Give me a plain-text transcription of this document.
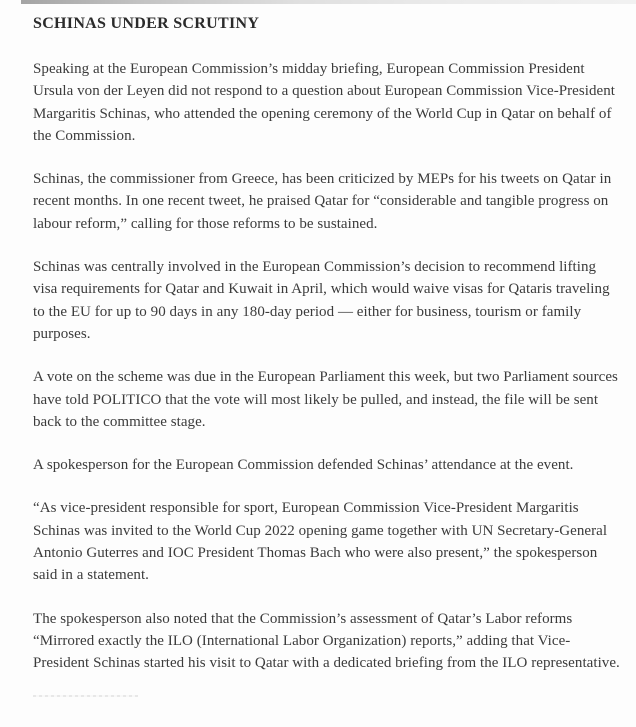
SCHINAS UNDER SCRUTINY

Speaking at the European Commission’s midday briefing, European Commission President Ursula von der Leyen did not respond to a question about European Commission Vice-President Margaritis Schinas, who attended the opening ceremony of the World Cup in Qatar on behalf of the Commission.

Schinas, the commissioner from Greece, has been criticized by MEPs for his tweets on Qatar in recent months. In one recent tweet, he praised Qatar for “considerable and tangible progress on labour reform,” calling for those reforms to be sustained.

Schinas was centrally involved in the European Commission’s decision to recommend lifting visa requirements for Qatar and Kuwait in April, which would waive visas for Qataris traveling to the EU for up to 90 days in any 180-day period — either for business, tourism or family purposes.

A vote on the scheme was due in the European Parliament this week, but two Parliament sources have told POLITICO that the vote will most likely be pulled, and instead, the file will be sent back to the committee stage.

A spokesperson for the European Commission defended Schinas’ attendance at the event.

“As vice-president responsible for sport, European Commission Vice-President Margaritis Schinas was invited to the World Cup 2022 opening game together with UN Secretary-General Antonio Guterres and IOC President Thomas Bach who were also present,” the spokesperson said in a statement.

The spokesperson also noted that the Commission’s assessment of Qatar’s Labor reforms “Mirrored exactly the ILO (International Labor Organization) reports,” adding that Vice-President Schinas started his visit to Qatar with a dedicated briefing from the ILO representative.
